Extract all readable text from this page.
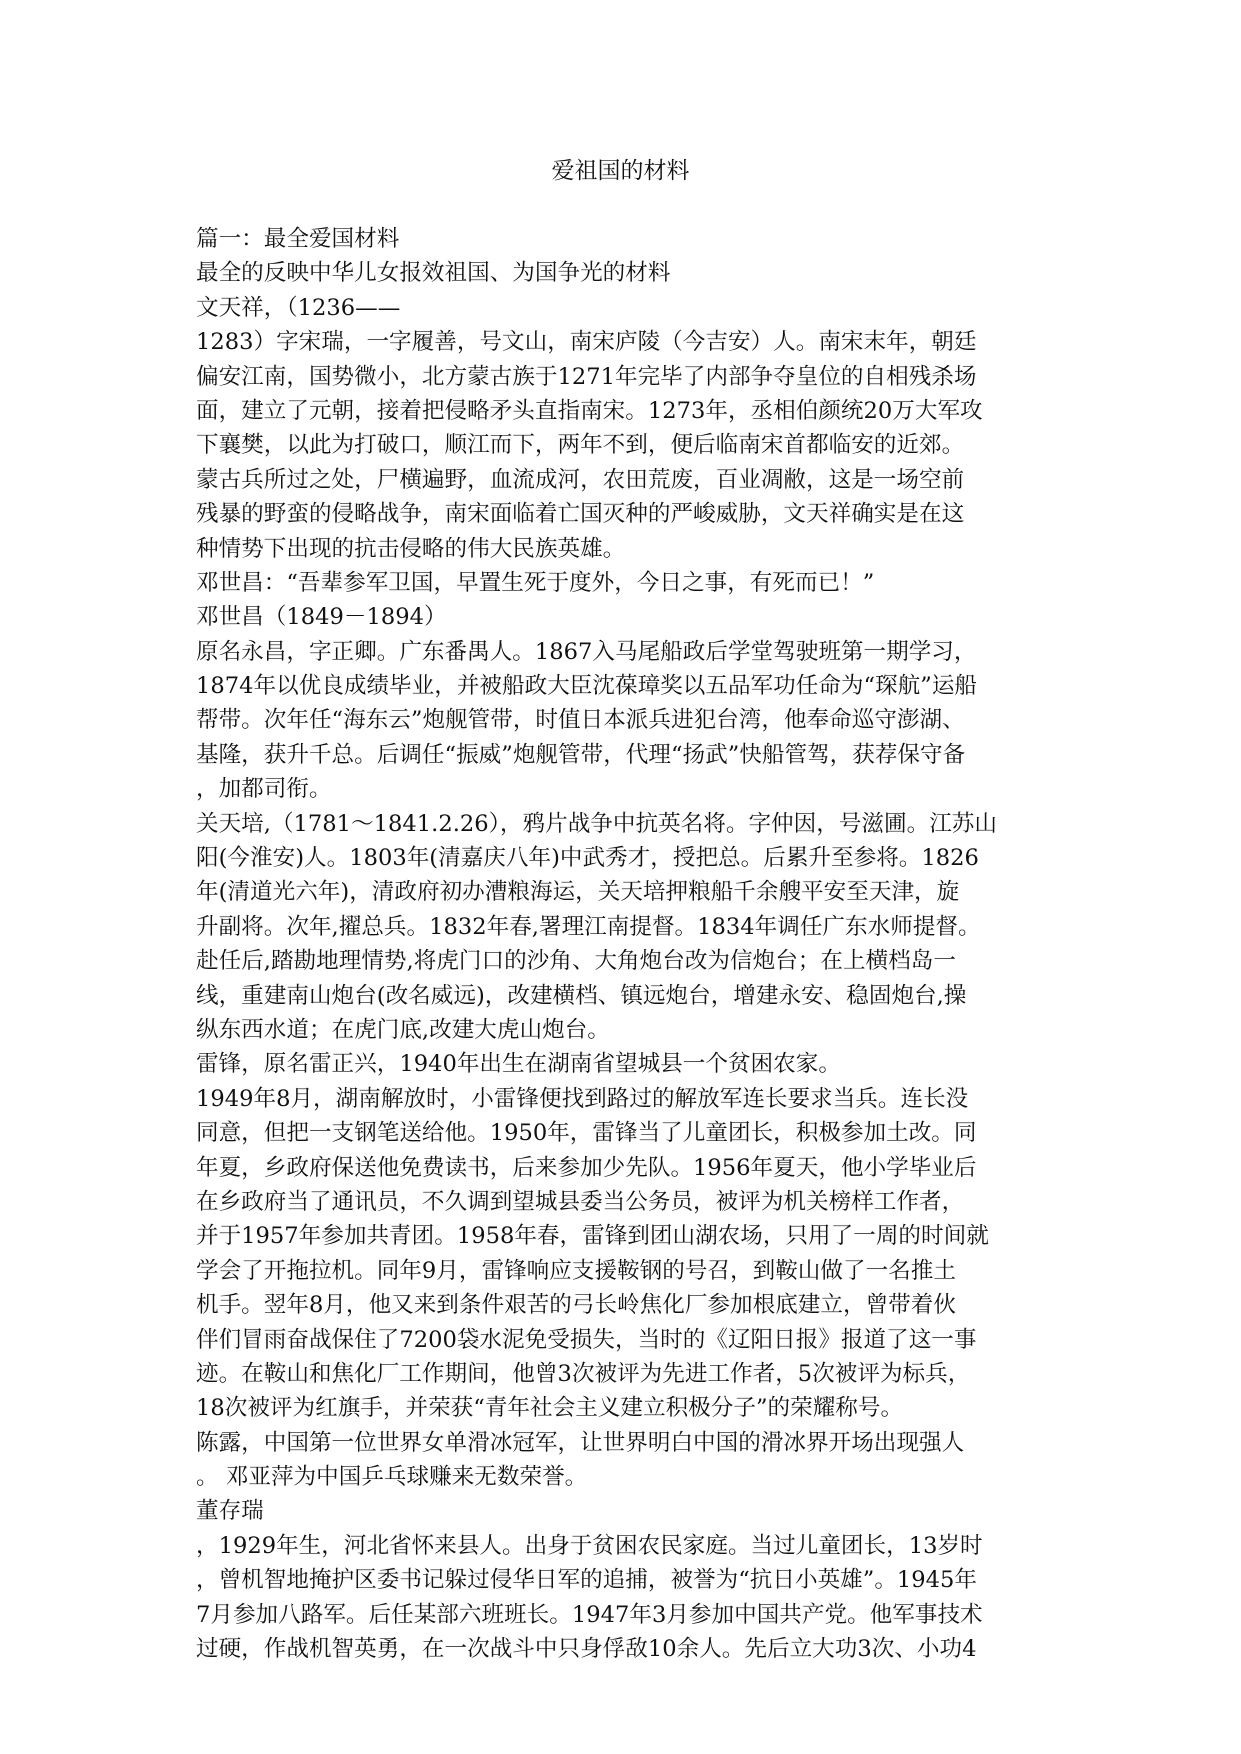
爱祖国的材料

篇一：最全爱国材料

最全的反映中华儿女报效祖国、为国争光的材料

文天祥，（1236——

1283）字宋瑞，一字履善，号文山，南宋庐陵（今吉安）人。南宋末年，朝廷

偏安江南，国势微小，北方蒙古族于1271年完毕了内部争夺皇位的自相残杀场

面，建立了元朝，接着把侵略矛头直指南宋。1273年，丞相伯颜统20万大军攻

下襄樊，以此为打破口，顺江而下，两年不到，便后临南宋首都临安的近郊。

蒙古兵所过之处，尸横遍野，血流成河，农田荒废，百业凋敝，这是一场空前

残暴的野蛮的侵略战争，南宋面临着亡国灭种的严峻威胁，文天祥确实是在这

种情势下出现的抗击侵略的伟大民族英雄。

邓世昌：“吾辈参军卫国，早置生死于度外，今日之事，有死而已！”

邓世昌（1849－1894）

原名永昌，字正卿。广东番禺人。1867入马尾船政后学堂驾驶班第一期学习，

1874年以优良成绩毕业，并被船政大臣沈葆璋奖以五品军功任命为“琛航”运船

帮带。次年任“海东云”炮舰管带，时值日本派兵进犯台湾，他奉命巡守澎湖、

基隆，获升千总。后调任“振威”炮舰管带，代理“扬武”快船管驾，获荐保守备

，加都司衔。

关天培,（1781～1841.2.26），鸦片战争中抗英名将。字仲因，号滋圃。江苏山

阳(今淮安)人。1803年(清嘉庆八年)中武秀才，授把总。后累升至参将。1826

年(清道光六年)，清政府初办漕粮海运，关天培押粮船千余艘平安至天津，旋

升副将。次年,擢总兵。1832年春,署理江南提督。1834年调任广东水师提督。

赴任后,踏勘地理情势,将虎门口的沙角、大角炮台改为信炮台；在上横档岛一

线，重建南山炮台(改名威远)，改建横档、镇远炮台，增建永安、稳固炮台,操

纵东西水道；在虎门底,改建大虎山炮台。

雷锋，原名雷正兴，1940年出生在湖南省望城县一个贫困农家。

1949年8月，湖南解放时，小雷锋便找到路过的解放军连长要求当兵。连长没

同意，但把一支钢笔送给他。1950年，雷锋当了儿童团长，积极参加土改。同

年夏，乡政府保送他免费读书，后来参加少先队。1956年夏天，他小学毕业后

在乡政府当了通讯员，不久调到望城县委当公务员，被评为机关榜样工作者，

并于1957年参加共青团。1958年春，雷锋到团山湖农场，只用了一周的时间就

学会了开拖拉机。同年9月，雷锋响应支援鞍钢的号召，到鞍山做了一名推土

机手。翌年8月，他又来到条件艰苦的弓长岭焦化厂参加根底建立，曾带着伙

伴们冒雨奋战保住了7200袋水泥免受损失，当时的《辽阳日报》报道了这一事

迹。在鞍山和焦化厂工作期间，他曾3次被评为先进工作者，5次被评为标兵，

18次被评为红旗手，并荣获“青年社会主义建立积极分子”的荣耀称号。

陈露，中国第一位世界女单滑冰冠军，让世界明白中国的滑冰界开场出现强人

。 邓亚萍为中国乒乓球赚来无数荣誉。

董存瑞

，1929年生，河北省怀来县人。出身于贫困农民家庭。当过儿童团长，13岁时

，曾机智地掩护区委书记躲过侵华日军的追捕，被誉为“抗日小英雄”。1945年

7月参加八路军。后任某部六班班长。1947年3月参加中国共产党。他军事技术

过硬，作战机智英勇，在一次战斗中只身俘敌10余人。先后立大功3次、小功4
